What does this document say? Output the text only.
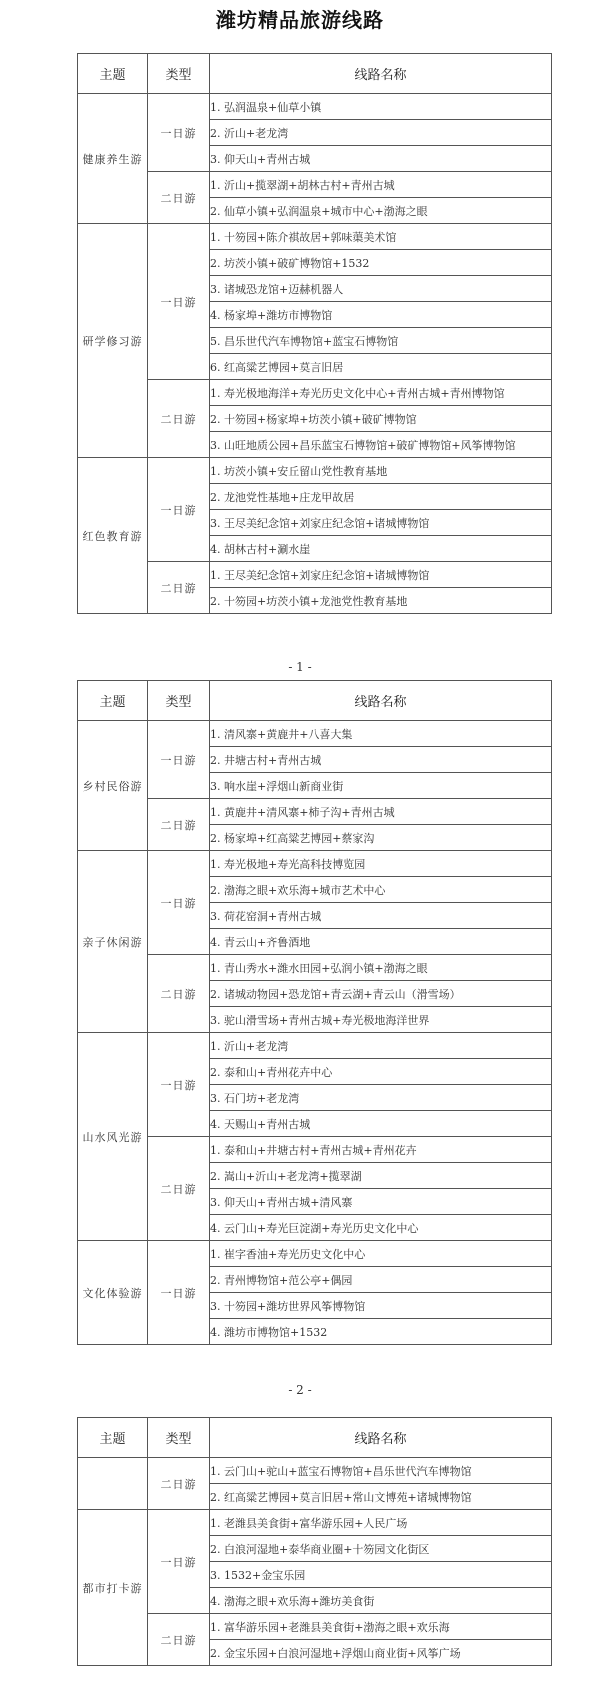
潍坊精品旅游线路
主题	类型	线路名称
健康养生游	一日游	1. 弘润温泉+仙草小镇
		2. 沂山+老龙湾
		3. 仰天山+青州古城
	二日游	1. 沂山+揽翠湖+胡林古村+青州古城
		2. 仙草小镇+弘润温泉+城市中心+渤海之眼
研学修习游	一日游	1. 十笏园+陈介祺故居+郭味蕖美术馆
		2. 坊茨小镇+破矿博物馆+1532
		3. 诸城恐龙馆+迈赫机器人
		4. 杨家埠+潍坊市博物馆
		5. 昌乐世代汽车博物馆+蓝宝石博物馆
		6. 红高粱艺博园+莫言旧居
	二日游	1. 寿光极地海洋+寿光历史文化中心+青州古城+青州博物馆
		2. 十笏园+杨家埠+坊茨小镇+破矿博物馆
		3. 山旺地质公园+昌乐蓝宝石博物馆+破矿博物馆+风筝博物馆
红色教育游	一日游	1. 坊茨小镇+安丘留山党性教育基地
		2. 龙池党性基地+庄龙甲故居
		3. 王尽美纪念馆+刘家庄纪念馆+诸城博物馆
		4. 胡林古村+涮水崖
	二日游	1. 王尽美纪念馆+刘家庄纪念馆+诸城博物馆
		2. 十笏园+坊茨小镇+龙池党性教育基地
- 1 -
主题	类型	线路名称
乡村民俗游	一日游	1. 清风寨+黄鹿井+八喜大集
		2. 井塘古村+青州古城
		3. 响水崖+浮烟山新商业街
	二日游	1. 黄鹿井+清风寨+柿子沟+青州古城
		2. 杨家埠+红高粱艺博园+蔡家沟
亲子休闲游	一日游	1. 寿光极地+寿光高科技博览园
		2. 渤海之眼+欢乐海+城市艺术中心
		3. 荷花窑洞+青州古城
		4. 青云山+齐鲁酒地
	二日游	1. 青山秀水+潍水田园+弘润小镇+渤海之眼
		2. 诸城动物园+恐龙馆+青云湖+青云山（滑雪场）
		3. 驼山滑雪场+青州古城+寿光极地海洋世界
山水风光游	一日游	1. 沂山+老龙湾
		2. 泰和山+青州花卉中心
		3. 石门坊+老龙湾
		4. 天赐山+青州古城
	二日游	1. 泰和山+井塘古村+青州古城+青州花卉
		2. 嵩山+沂山+老龙湾+揽翠湖
		3. 仰天山+青州古城+清风寨
		4. 云门山+寿光巨淀湖+寿光历史文化中心
文化体验游	一日游	1. 崔字香油+寿光历史文化中心
		2. 青州博物馆+范公亭+偶园
		3. 十笏园+潍坊世界风筝博物馆
		4. 潍坊市博物馆+1532
- 2 -
主题	类型	线路名称
	二日游	1. 云门山+驼山+蓝宝石博物馆+昌乐世代汽车博物馆
		2. 红高粱艺博园+莫言旧居+常山文博苑+诸城博物馆
都市打卡游	一日游	1. 老潍县美食街+富华游乐园+人民广场
		2. 白浪河湿地+泰华商业圈+十笏园文化街区
		3. 1532+金宝乐园
		4. 渤海之眼+欢乐海+潍坊美食街
	二日游	1. 富华游乐园+老潍县美食街+渤海之眼+欢乐海
		2. 金宝乐园+白浪河湿地+浮烟山商业街+风筝广场
